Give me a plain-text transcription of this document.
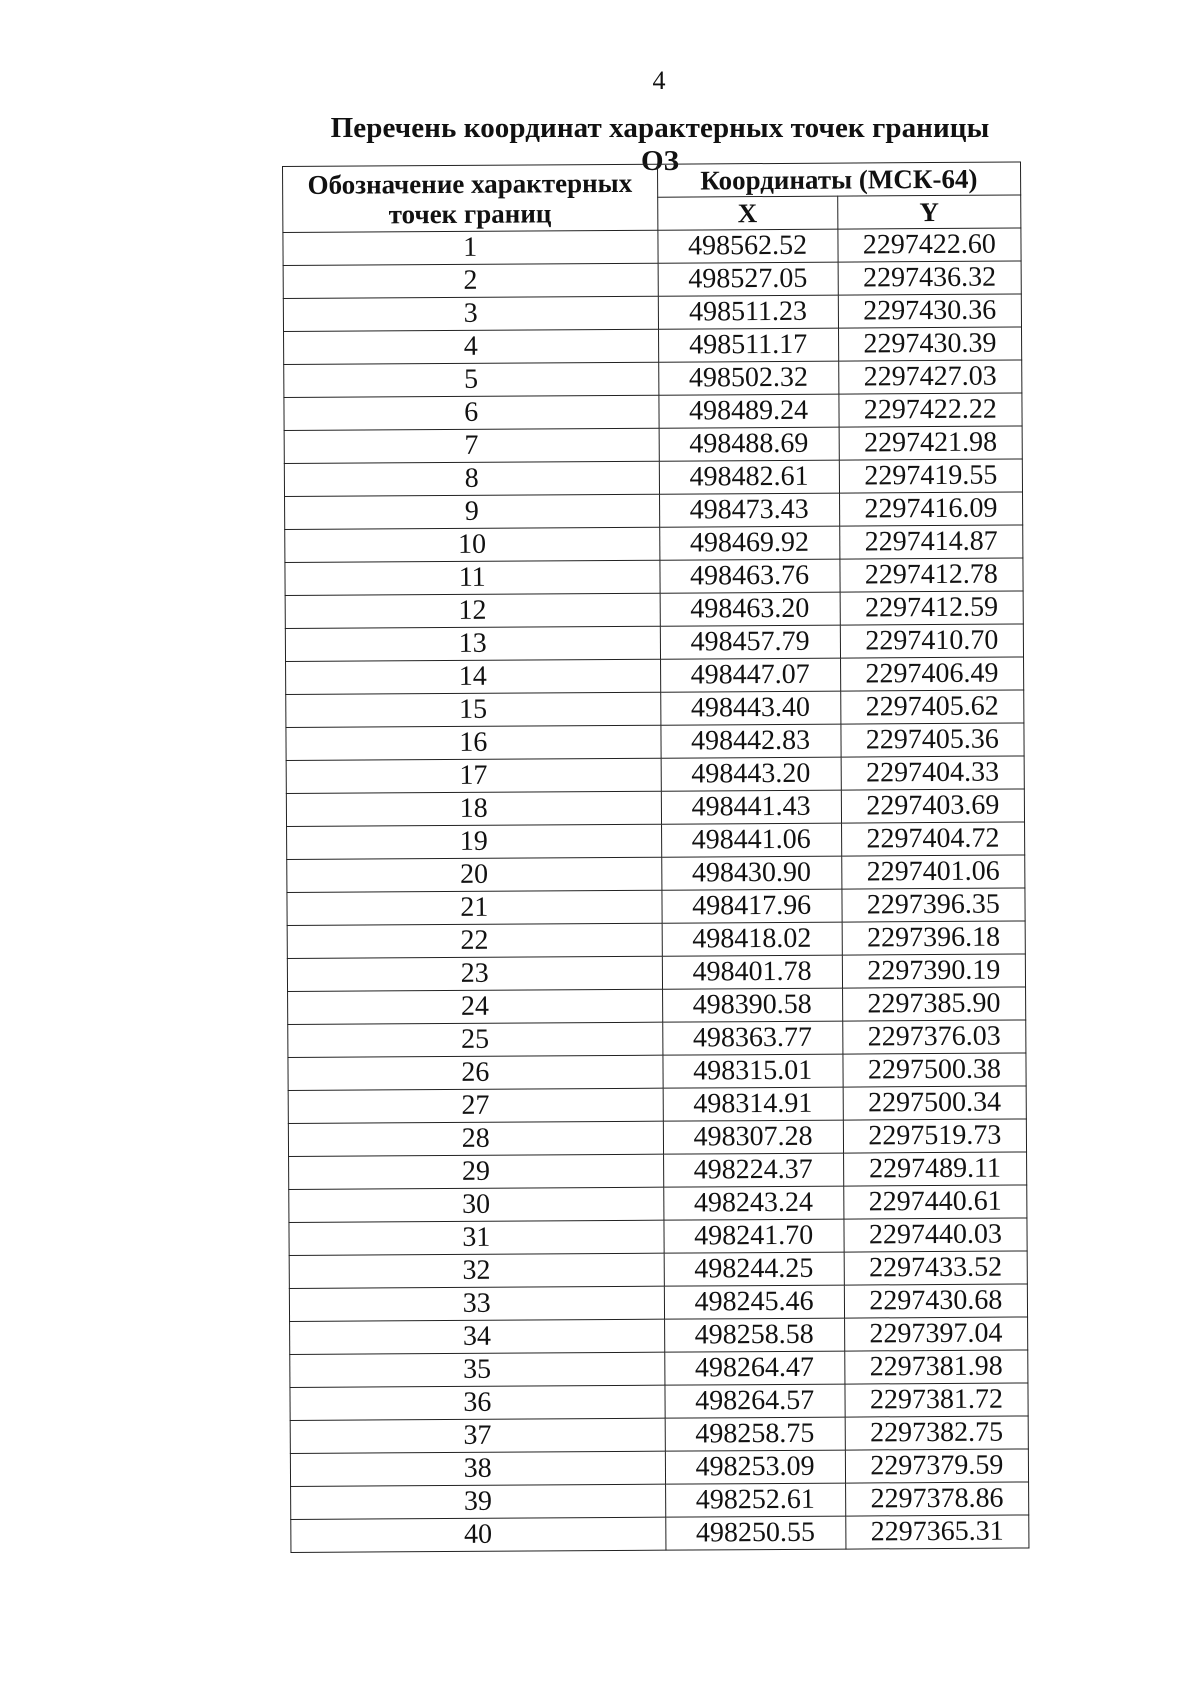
4
Перечень координат характерных точек границы ОЗ
Обозначение характерных
точек границ	Координаты (МСК-64)	
	X	Y
1	498562.52	2297422.60
2	498527.05	2297436.32
3	498511.23	2297430.36
4	498511.17	2297430.39
5	498502.32	2297427.03
6	498489.24	2297422.22
7	498488.69	2297421.98
8	498482.61	2297419.55
9	498473.43	2297416.09
10	498469.92	2297414.87
11	498463.76	2297412.78
12	498463.20	2297412.59
13	498457.79	2297410.70
14	498447.07	2297406.49
15	498443.40	2297405.62
16	498442.83	2297405.36
17	498443.20	2297404.33
18	498441.43	2297403.69
19	498441.06	2297404.72
20	498430.90	2297401.06
21	498417.96	2297396.35
22	498418.02	2297396.18
23	498401.78	2297390.19
24	498390.58	2297385.90
25	498363.77	2297376.03
26	498315.01	2297500.38
27	498314.91	2297500.34
28	498307.28	2297519.73
29	498224.37	2297489.11
30	498243.24	2297440.61
31	498241.70	2297440.03
32	498244.25	2297433.52
33	498245.46	2297430.68
34	498258.58	2297397.04
35	498264.47	2297381.98
36	498264.57	2297381.72
37	498258.75	2297382.75
38	498253.09	2297379.59
39	498252.61	2297378.86
40	498250.55	2297365.31
